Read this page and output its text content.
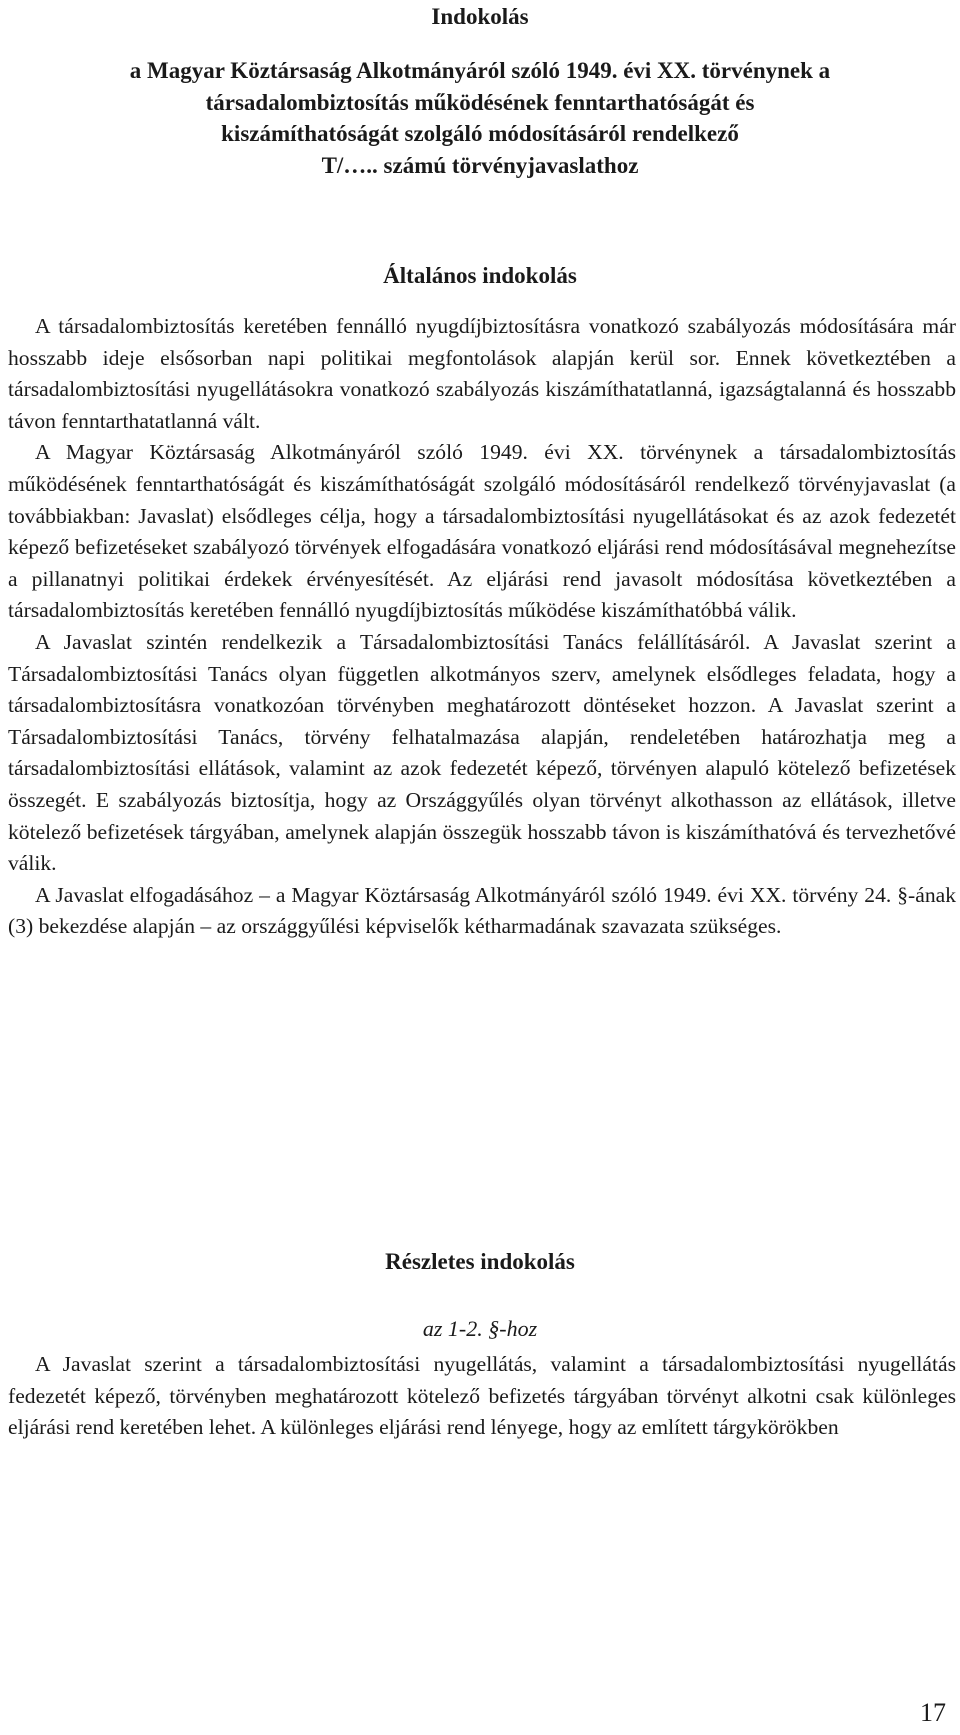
Indokolás
a Magyar Köztársaság Alkotmányáról szóló 1949. évi XX. törvénynek a
társadalombiztosítás működésének fenntarthatóságát és
kiszámíthatóságát szolgáló módosításáról rendelkező
T/….. számú törvényjavaslathoz
Általános indokolás

A társadalombiztosítás keretében fennálló nyugdíjbiztosításra vonatkozó szabályozás módosítására már hosszabb ideje elsősorban napi politikai megfontolások alapján kerül sor. Ennek következtében a társadalombiztosítási nyugellátásokra vonatkozó szabályozás kiszámíthatatlanná, igazságtalanná és hosszabb távon fenntarthatatlanná vált.

A Magyar Köztársaság Alkotmányáról szóló 1949. évi XX. törvénynek a társadalombiztosítás működésének fenntarthatóságát és kiszámíthatóságát szolgáló módosításáról rendelkező törvényjavaslat (a továbbiakban: Javaslat) elsődleges célja, hogy a társadalombiztosítási nyugellátásokat és az azok fedezetét képező befizetéseket szabályozó törvények elfogadására vonatkozó eljárási rend módosításával megnehezítse a pillanatnyi politikai érdekek érvényesítését. Az eljárási rend javasolt módosítása következtében a társadalombiztosítás keretében fennálló nyugdíjbiztosítás működése kiszámíthatóbbá válik.

A Javaslat szintén rendelkezik a Társadalombiztosítási Tanács felállításáról. A Javaslat szerint a Társadalombiztosítási Tanács olyan független alkotmányos szerv, amelynek elsődleges feladata, hogy a társadalombiztosításra vonatkozóan törvényben meghatározott döntéseket hozzon. A Javaslat szerint a Társadalombiztosítási Tanács, törvény felhatalmazása alapján, rendeletében határozhatja meg a társadalombiztosítási ellátások, valamint az azok fedezetét képező, törvényen alapuló kötelező befizetések összegét. E szabályozás biztosítja, hogy az Országgyűlés olyan törvényt alkothasson az ellátások, illetve kötelező befizetések tárgyában, amelynek alapján összegük hosszabb távon is kiszámíthatóvá és tervezhetővé válik.

A Javaslat elfogadásához – a Magyar Köztársaság Alkotmányáról szóló 1949. évi XX. törvény 24. §-ának (3) bekezdése alapján – az országgyűlési képviselők kétharmadának szavazata szükséges.

Részletes indokolás
az 1-2. §-hoz

A Javaslat szerint a társadalombiztosítási nyugellátás, valamint a társadalombiztosítási nyugellátás fedezetét képező, törvényben meghatározott kötelező befizetés tárgyában törvényt alkotni csak különleges eljárási rend keretében lehet. A különleges eljárási rend lényege, hogy az említett tárgykörökben

17
